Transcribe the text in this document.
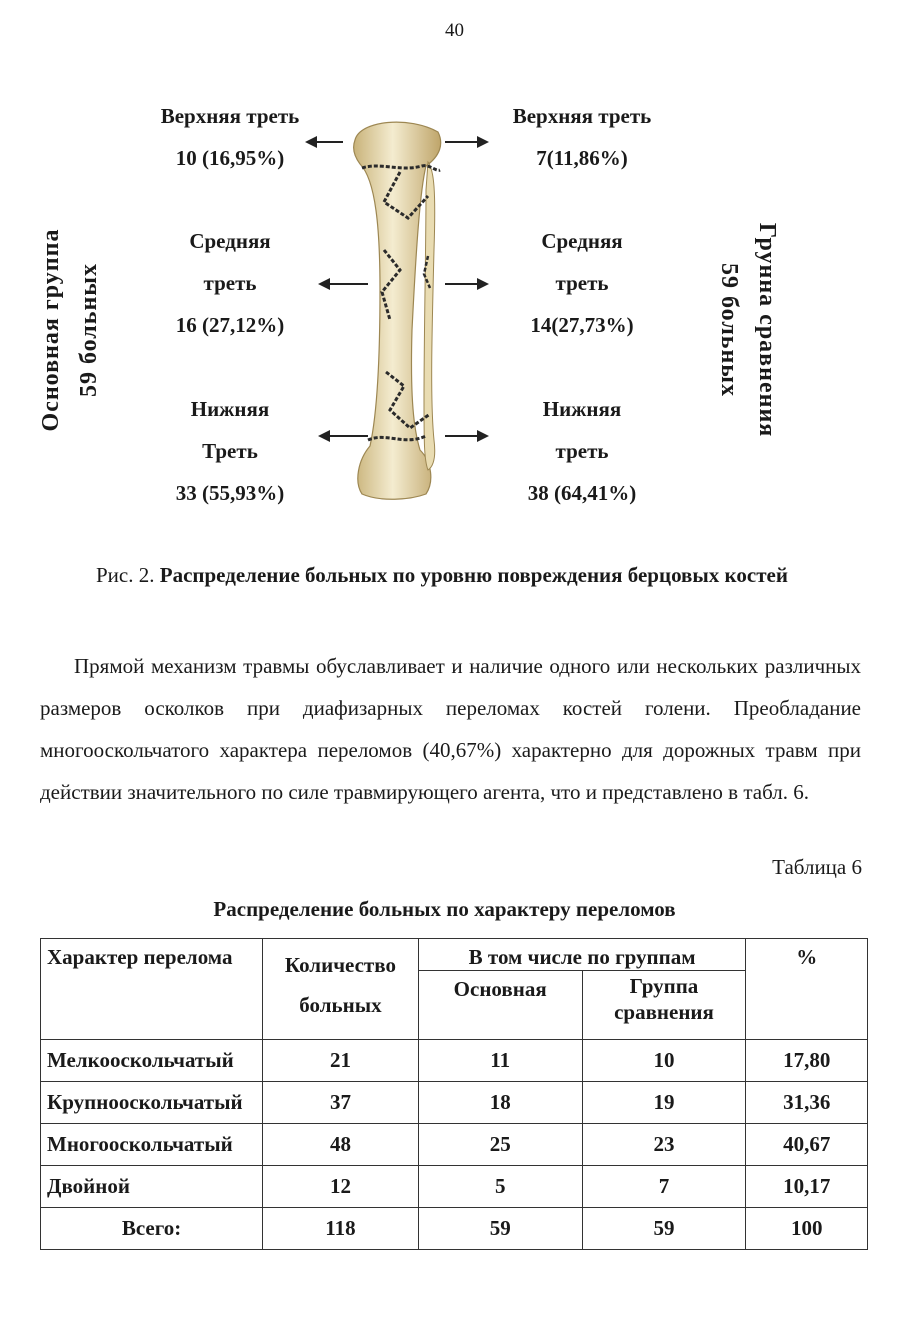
40
Основная группа 59 больных	Грунна сравнения
59 больных
Верхняя треть
10 (16,95%)
Средняя
треть
16 (27,12%)
Нижняя
Треть
33 (55,93%)
Верхняя треть
7(11,86%)
Средняя
треть
14(27,73%)
Нижняя
треть
38 (64,41%)
Рис. 2. Распределение больных по уровню повреждения берцовых костей

Прямой механизм травмы обуславливает и наличие одного или нескольких различных размеров осколков при диафизарных переломах костей голени. Преобладание многооскольчатого характера переломов (40,67%) характерно для дорожных травм при действии значительного по силе травмирующего агента, что и представлено в табл. 6.

Таблица 6
Распределение больных по характеру переломов
Характер перелома	Количество больных	В том числе по группам		%
		Основная	Группа сравнения	
Мелкооскольчатый	21	11	10	17,80
Крупнооскольчатый	37	18	19	31,36
Многооскольчатый	48	25	23	40,67
Двойной	12	5	7	10,17
Всего:	118	59	59	100
